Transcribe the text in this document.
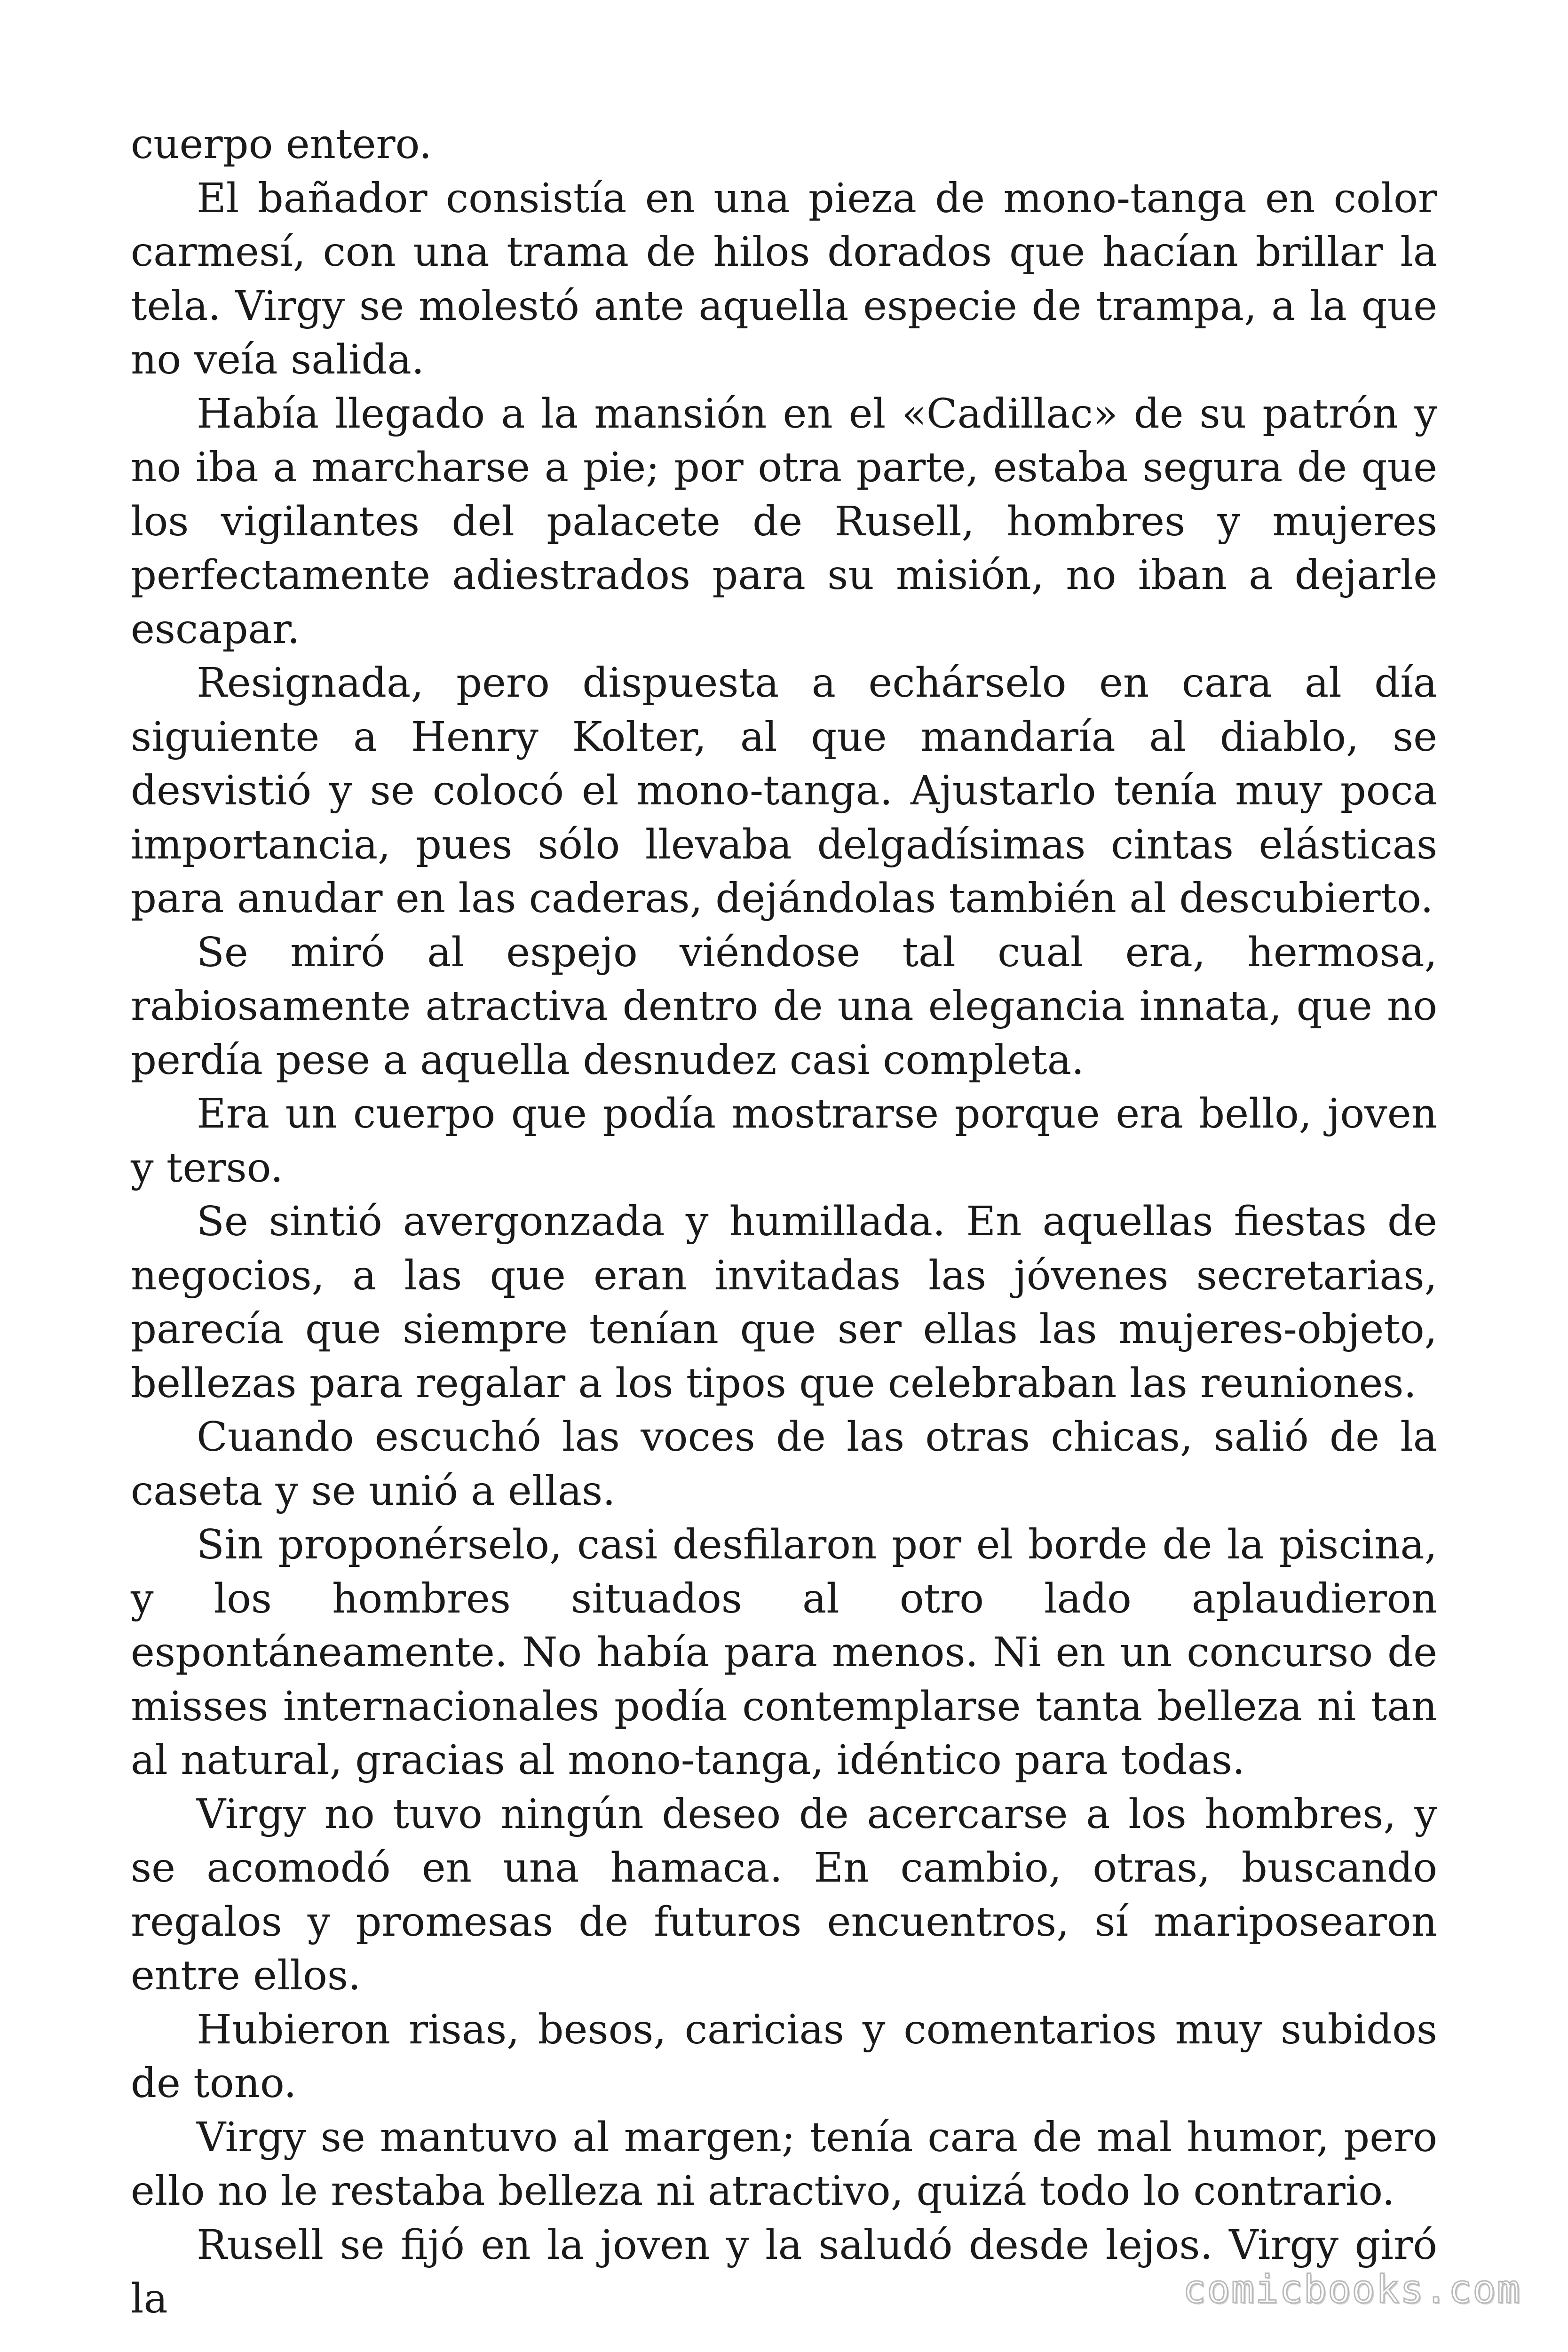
cuerpo entero.

El bañador consistía en una pieza de mono-tanga en color carmesí, con una trama de hilos dorados que hacían brillar la tela. Virgy se molestó ante aquella especie de trampa, a la que no veía salida.

Había llegado a la mansión en el «Cadillac» de su patrón y no iba a marcharse a pie; por otra parte, estaba segura de que los vigilantes del palacete de Rusell, hombres y mujeres perfectamente adiestrados para su misión, no iban a dejarle escapar.

Resignada, pero dispuesta a echárselo en cara al día siguiente a Henry Kolter, al que mandaría al diablo, se desvistió y se colocó el mono-tanga. Ajustarlo tenía muy poca importancia, pues sólo llevaba delgadísimas cintas elásticas para anudar en las caderas, dejándolas también al descubierto.

Se miró al espejo viéndose tal cual era, hermosa, rabiosamente atractiva dentro de una elegancia innata, que no perdía pese a aquella desnudez casi completa.

Era un cuerpo que podía mostrarse porque era bello, joven y terso.

Se sintió avergonzada y humillada. En aquellas fiestas de negocios, a las que eran invitadas las jóvenes secretarias, parecía que siempre tenían que ser ellas las mujeres-objeto, bellezas para regalar a los tipos que celebraban las reuniones.

Cuando escuchó las voces de las otras chicas, salió de la caseta y se unió a ellas.

Sin proponérselo, casi desfilaron por el borde de la piscina, y los hombres situados al otro lado aplaudieron espontáneamente. No había para menos. Ni en un concurso de misses internacionales podía contemplarse tanta belleza ni tan al natural, gracias al mono-tanga, idéntico para todas.

Virgy no tuvo ningún deseo de acercarse a los hombres, y se acomodó en una hamaca. En cambio, otras, buscando regalos y promesas de futuros encuentros, sí mariposearon entre ellos.

Hubieron risas, besos, caricias y comentarios muy subidos de tono.

Virgy se mantuvo al margen; tenía cara de mal humor, pero ello no le restaba belleza ni atractivo, quizá todo lo contrario.

Rusell se fijó en la joven y la saludó desde lejos. Virgy giró la	comicbooks.com
